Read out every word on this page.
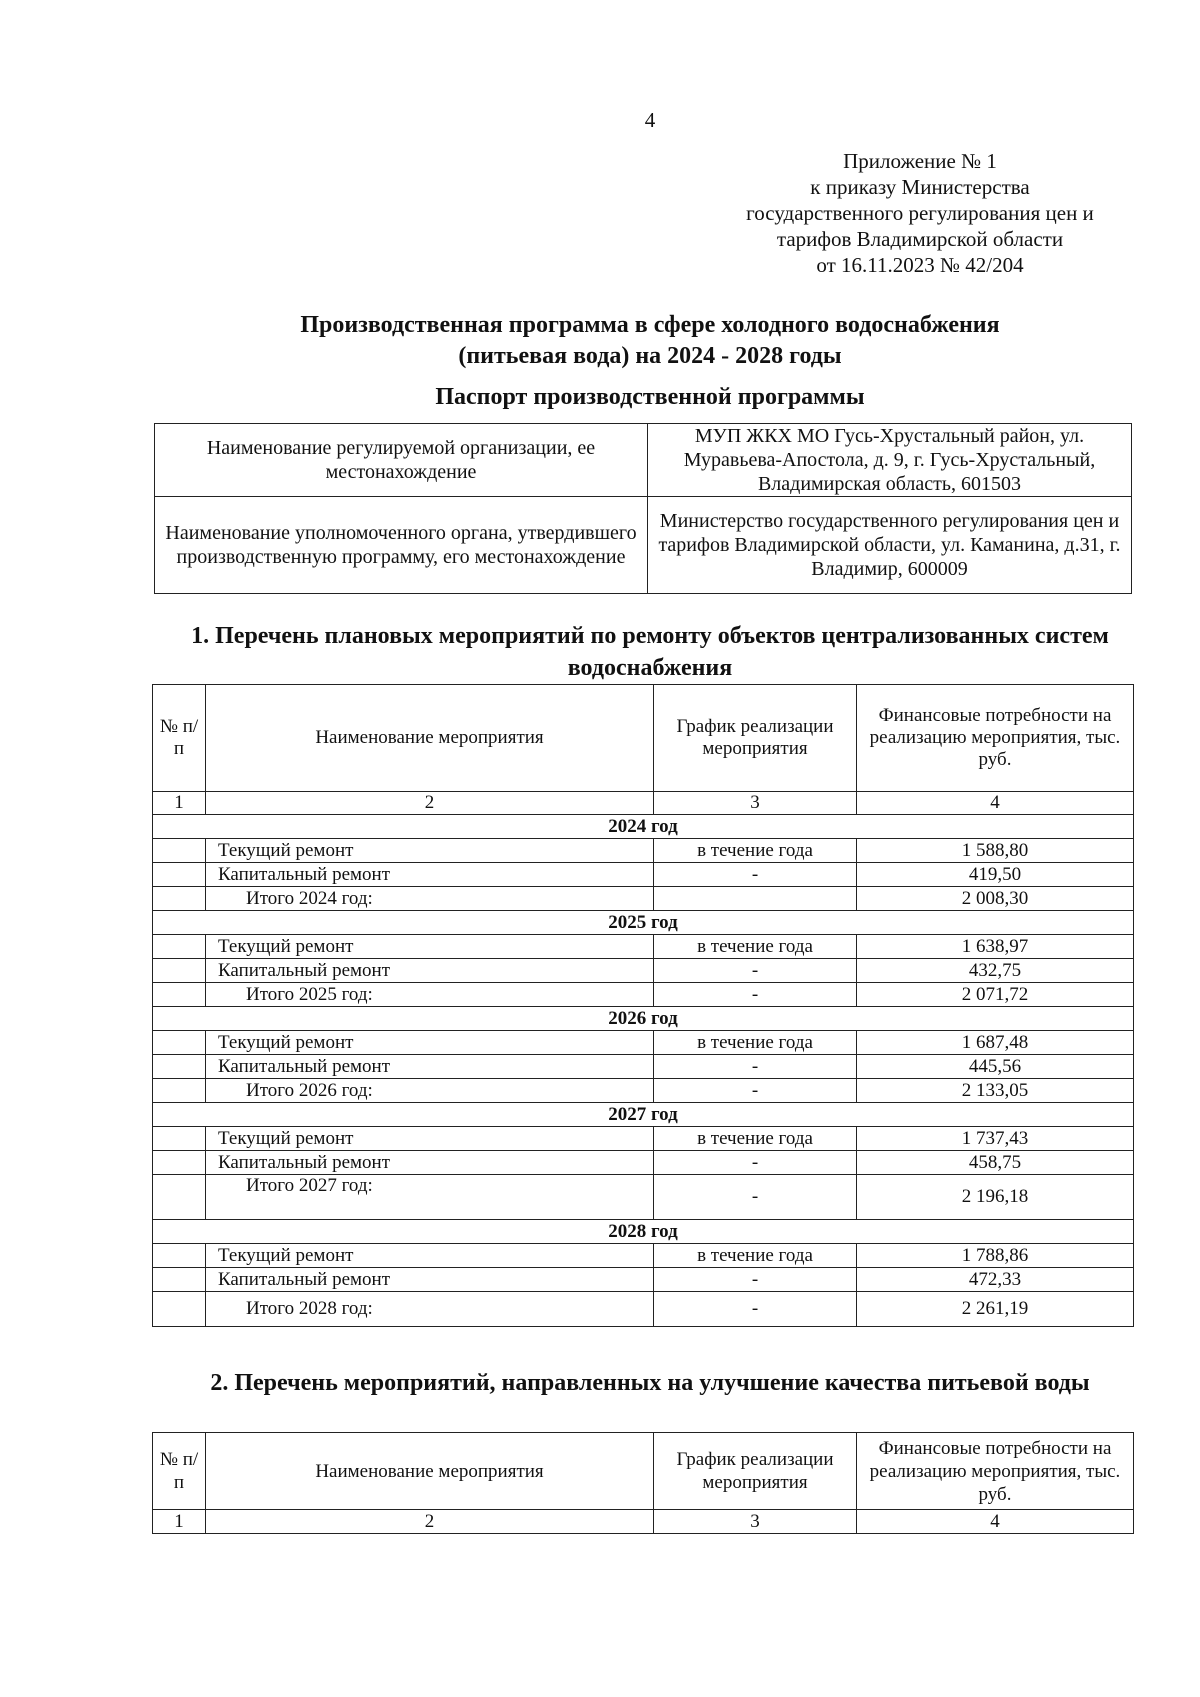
4
Приложение № 1
к приказу Министерства
государственного регулирования цен и
тарифов Владимирской области
от 16.11.2023 № 42/204
Производственная программа в сфере холодного водоснабжения
(питьевая вода) на 2024 - 2028 годы
Паспорт производственной программы
Наименование регулируемой организации, ее местонахождение	МУП ЖКХ МО Гусь-Хрустальный район, ул. Муравьева-Апостола, д. 9, г. Гусь-Хрустальный, Владимирская область, 601503
Наименование уполномоченного органа, утвердившего производственную программу, его местонахождение	Министерство государственного регулирования цен и тарифов Владимирской области, ул. Каманина, д.31, г. Владимир, 600009
1. Перечень плановых мероприятий по ремонту объектов централизованных систем водоснабжения
№ п/п	Наименование мероприятия	График реализации мероприятия	Финансовые потребности на реализацию мероприятия, тыс. руб.
1	2	3	4
2024 год			
	Текущий ремонт	в течение года	1 588,80
	Капитальный ремонт	-	419,50
	Итого 2024 год:		2 008,30
2025 год			
	Текущий ремонт	в течение года	1 638,97
	Капитальный ремонт	-	432,75
	Итого 2025 год:	-	2 071,72
2026 год			
	Текущий ремонт	в течение года	1 687,48
	Капитальный ремонт	-	445,56
	Итого 2026 год:	-	2 133,05
2027 год			
	Текущий ремонт	в течение года	1 737,43
	Капитальный ремонт	-	458,75
	Итого 2027 год:	-	2 196,18
2028 год			
	Текущий ремонт	в течение года	1 788,86
	Капитальный ремонт	-	472,33
	Итого 2028 год:	-	2 261,19
2. Перечень мероприятий, направленных на улучшение качества питьевой воды
№ п/п	Наименование мероприятия	График реализации мероприятия	Финансовые потребности на реализацию мероприятия, тыс. руб.
1	2	3	4
